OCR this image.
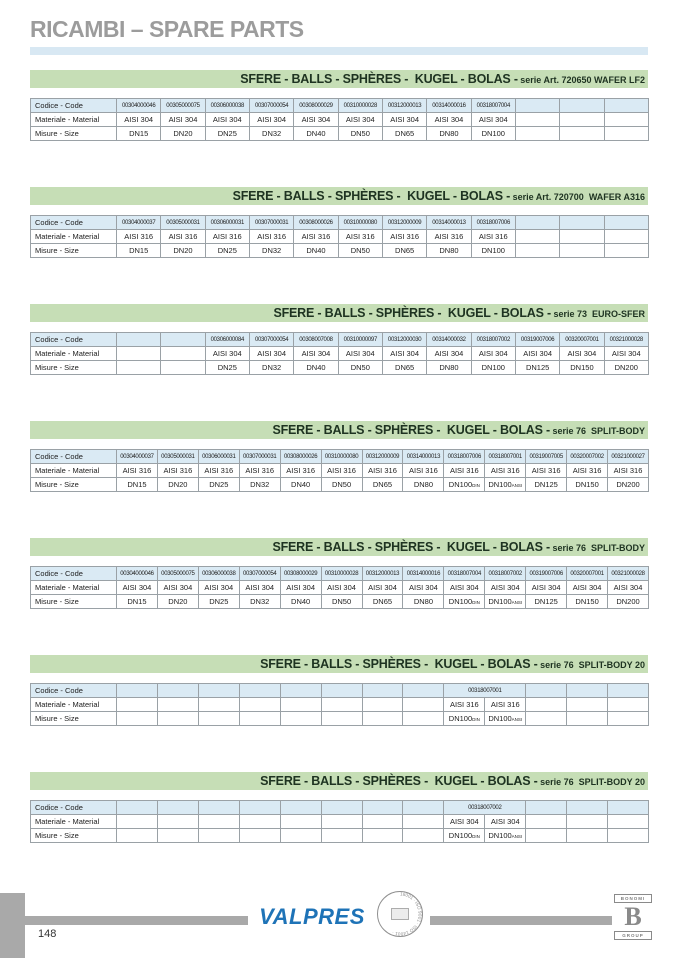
RICAMBI – SPARE PARTS
SFERE - BALLS - SPHÈRES -  KUGEL - BOLAS - serie Art. 720650 WAFER LF2
Codice - Code	00304000046	00305000075	00306000038	00307000054	00308000029	00310000028	00312000013	00314000016	00318007004			
Materiale - Material	AISI 304	AISI 304	AISI 304	AISI 304	AISI 304	AISI 304	AISI 304	AISI 304	AISI 304			
Misure - Size	DN15	DN20	DN25	DN32	DN40	DN50	DN65	DN80	DN100			
SFERE - BALLS - SPHÈRES -  KUGEL - BOLAS - serie Art. 720700  WAFER A316
Codice - Code	00304000037	00305000031	00306000031	00307000031	00308000026	00310000080	00312000009	00314000013	00318007006			
Materiale - Material	AISI 316	AISI 316	AISI 316	AISI 316	AISI 316	AISI 316	AISI 316	AISI 316	AISI 316			
Misure - Size	DN15	DN20	DN25	DN32	DN40	DN50	DN65	DN80	DN100			
SFERE - BALLS - SPHÈRES -  KUGEL - BOLAS - serie 73  EURO-SFER
Codice - Code			00306000084	00307000054	00308007008	00310000097	00312000030	00314000032	00318007002	00319007006	00320007001	00321000028
Materiale - Material			AISI 304	AISI 304	AISI 304	AISI 304	AISI 304	AISI 304	AISI 304	AISI 304	AISI 304	AISI 304
Misure - Size			DN25	DN32	DN40	DN50	DN65	DN80	DN100	DN125	DN150	DN200
SFERE - BALLS - SPHÈRES -  KUGEL - BOLAS - serie 76  SPLIT-BODY
Codice - Code	00304000037	00305000031	00306000031	00307000031	00308000026	00310000080	00312000009	00314000013	00318007006	00318007001	00319007005	00320007002	00321000027
Materiale - Material	AISI 316	AISI 316	AISI 316	AISI 316	AISI 316	AISI 316	AISI 316	AISI 316	AISI 316	AISI 316	AISI 316	AISI 316	AISI 316
Misure - Size	DN15	DN20	DN25	DN32	DN40	DN50	DN65	DN80	DN100DIN	DN100ANSI	DN125	DN150	DN200
SFERE - BALLS - SPHÈRES -  KUGEL - BOLAS - serie 76  SPLIT-BODY
Codice - Code	00304000046	00305000075	00306000038	00307000054	00308000029	00310000028	00312000013	00314000016	00318007004	00318007002	00319007006	00320007001	00321000028
Materiale - Material	AISI 304	AISI 304	AISI 304	AISI 304	AISI 304	AISI 304	AISI 304	AISI 304	AISI 304	AISI 304	AISI 304	AISI 304	AISI 304
Misure - Size	DN15	DN20	DN25	DN32	DN40	DN50	DN65	DN80	DN100DIN	DN100ANSI	DN125	DN150	DN200
SFERE - BALLS - SPHÈRES -  KUGEL - BOLAS - serie 76  SPLIT-BODY 20
Codice - Code									00318007001				
Materiale - Material									AISI 316	AISI 316			
Misure - Size									DN100DIN	DN100ANSI			
SFERE - BALLS - SPHÈRES -  KUGEL - BOLAS - serie 76  SPLIT-BODY 20
Codice - Code									00318007002				
Materiale - Material									AISI 304	AISI 304			
Misure - Size									DN100DIN	DN100ANSI			
VALPRES
18001 · ISO 9001 · ISO 14001 ·
BONOMI
B
GROUP
148
